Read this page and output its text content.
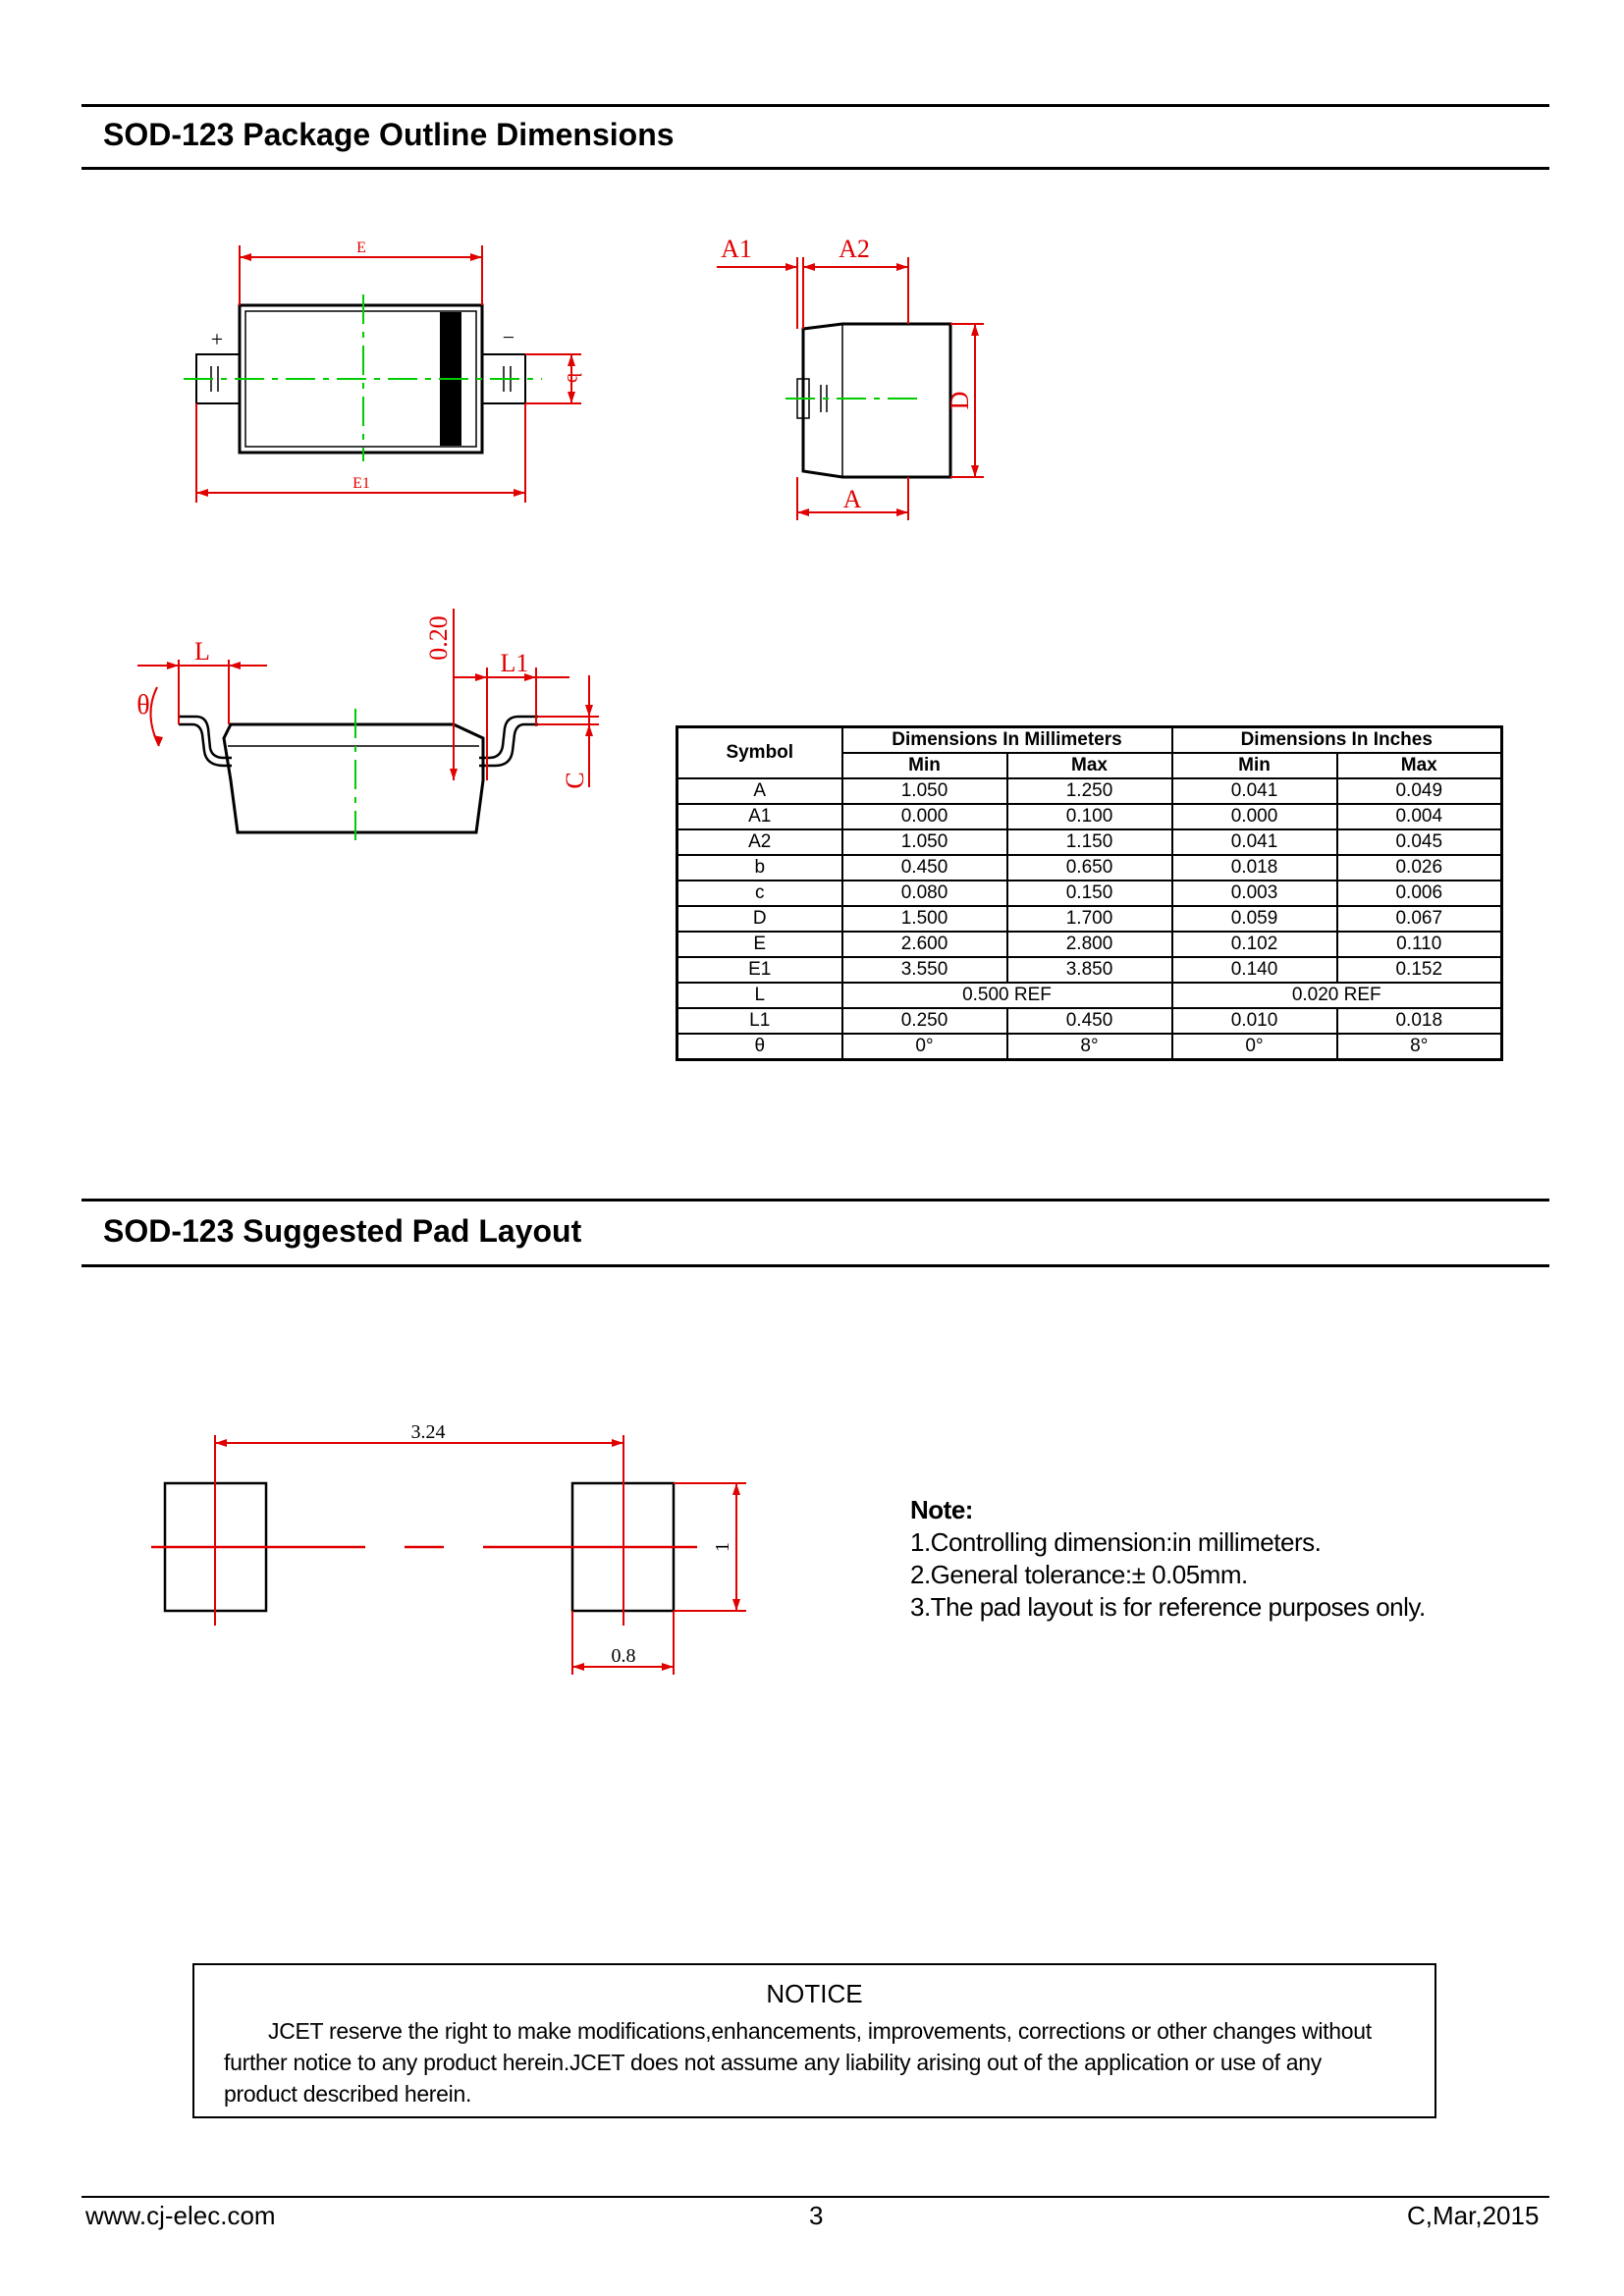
SOD-123 Package Outline Dimensions
+	−
E
E1
b
A1	A2
D
A
L
θ
0.20
L1
C
Symbol	Dimensions In Millimeters		Dimensions In Inches	
	Min	Max	Min	Max
A	1.050	1.250	0.041	0.049
A1	0.000	0.100	0.000	0.004
A2	1.050	1.150	0.041	0.045
b	0.450	0.650	0.018	0.026
c	0.080	0.150	0.003	0.006
D	1.500	1.700	0.059	0.067
E	2.600	2.800	0.102	0.110
E1	3.550	3.850	0.140	0.152
L	0.500 REF		0.020 REF	
L1	0.250	0.450	0.010	0.018
θ	0°	8°	0°	8°
SOD-123 Suggested Pad Layout
3.24
1
0.8
Note:
1.Controlling dimension:in millimeters.
2.General tolerance:± 0.05mm.
3.The pad layout is for reference purposes only.
NOTICE
JCET reserve the right to make modifications,enhancements, improvements, corrections or other changes without further notice to any product herein.JCET does not assume any liability arising out of the application or use of any product described herein.
www.cj-elec.com	3	C,Mar,2015
